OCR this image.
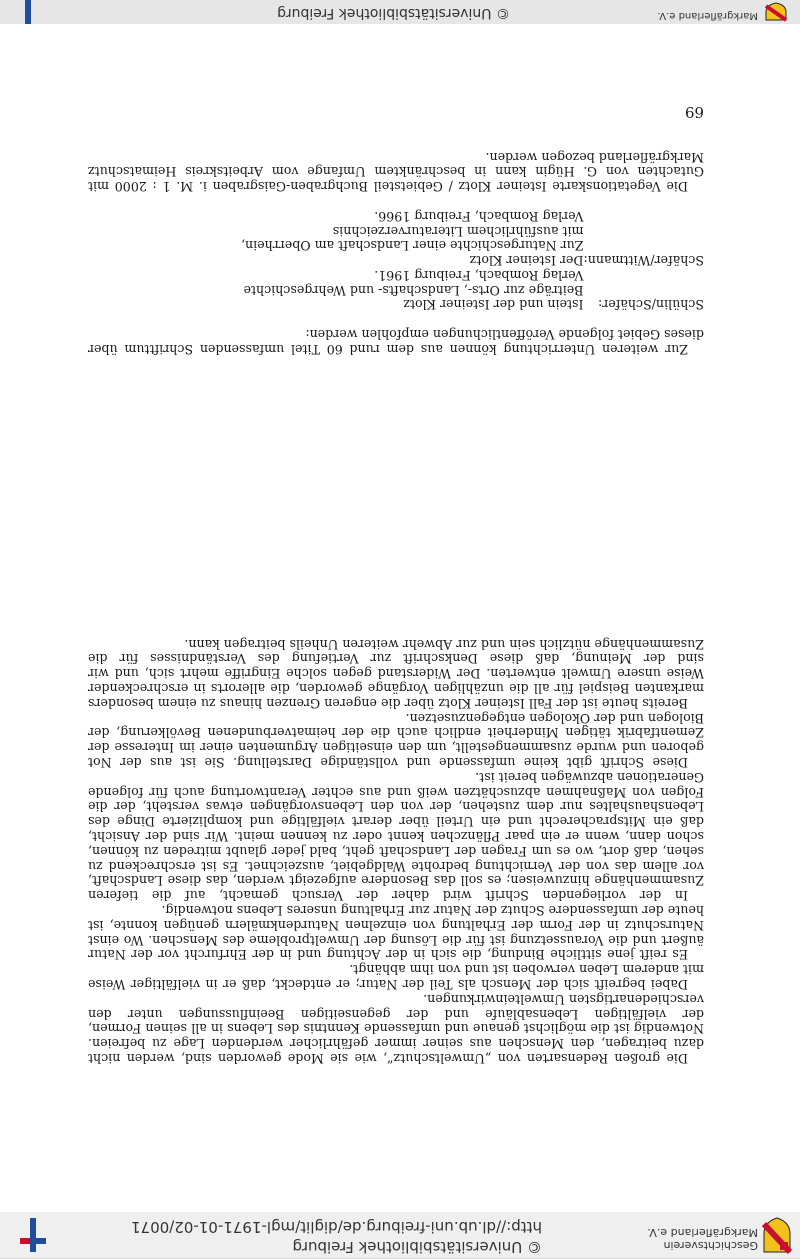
Geschichtsverein
Markgräflerland e.V.
© Universitätsbibliothek Freiburg
http://dl.ub.uni-freiburg.de/diglit/mgl-1971-01-02/0071

Die großen Redensarten von „Umweltschutz“, wie sie Mode geworden sind, werden nicht dazu beitragen, den Menschen aus seiner immer gefährlicher werdenden Lage zu befreien. Notwendig ist die möglichst genaue und umfassende Kenntnis des Lebens in all seinen Formen, der vielfältigen Lebensabläufe und der gegenseitigen Beeinflussungen unter den verschiedenartigsten Umwelteinwirkungen.

Dabei begreift sich der Mensch als Teil der Natur; er entdeckt, daß er in vielfältiger Weise mit anderem Leben verwoben ist und von ihm abhängt.

Es reift jene sittliche Bindung, die sich in der Achtung und in der Ehrfurcht vor der Natur äußert und die Voraussetzung ist für die Lösung der Umweltprobleme des Menschen. Wo einst Naturschutz in der Form der Erhaltung von einzelnen Naturdenkmälern genügen konnte, ist heute der umfassendere Schutz der Natur zur Erhaltung unseres Lebens notwendig.

In der vorliegenden Schrift wird daher der Versuch gemacht, auf die tieferen Zusammenhänge hinzuweisen; es soll das Besondere aufgezeigt werden, das diese Landschaft, vor allem das von der Vernichtung bedrohte Waldgebiet, auszeichnet. Es ist erschreckend zu sehen, daß dort, wo es um Fragen der Landschaft geht, bald jeder glaubt mitreden zu können, schon dann, wenn er ein paar Pflänzchen kennt oder zu kennen meint. Wir sind der Ansicht, daß ein Mitspracherecht und ein Urteil über derart vielfältige und komplizierte Dinge des Lebenshaushaltes nur dem zustehen, der von den Lebensvorgängen etwas versteht, der die Folgen von Maßnahmen abzuschätzen weiß und aus echter Verantwortung auch für folgende Generationen abzuwägen bereit ist.

Diese Schrift gibt keine umfassende und vollständige Darstellung. Sie ist aus der Not geboren und wurde zusammengestellt, um den einseitigen Argumenten einer im Interesse der Zementfabrik tätigen Minderheit endlich auch die der heimatverbundenen Bevölkerung, der Biologen und der Ökologen entgegenzusetzen.

Bereits heute ist der Fall Isteiner Klotz über die engeren Grenzen hinaus zu einem besonders markanten Beispiel für all die unzähligen Vorgänge geworden, die allerorts in erschreckender Weise unsere Umwelt entwerten. Der Widerstand gegen solche Eingriffe mehrt sich, und wir sind der Meinung, daß diese Denkschrift zur Vertiefung des Verständnisses für die Zusammenhänge nützlich sein und zur Abwehr weiteren Unheils beitragen kann.

Zur weiteren Unterrichtung können aus dem rund 60 Titel umfassenden Schrifttum über dieses Gebiet folgende Veröffentlichungen empfohlen werden:

Schülin/Schäfer:	Istein und der Isteiner Klotz
Beiträge zur Orts-, Landschafts- und Wehrgeschichte
Verlag Rombach, Freiburg 1961.

Schäfer/Wittmann:	Der Isteiner Klotz
Zur Naturgeschichte einer Landschaft am Oberrhein,
mit ausführlichem Literaturverzeichnis
Verlag Rombach, Freiburg 1966.

Die Vegetationskarte Isteiner Klotz / Gebietsteil Buchgraben-Gaisgraben i. M. 1 : 2000 mit Gutachten von G. Hügin kann in beschränktem Umfange vom Arbeitskreis Heimatschutz Markgräflerland bezogen werden.

69
Markgräflerland e.V.
© Universitätsbibliothek Freiburg
